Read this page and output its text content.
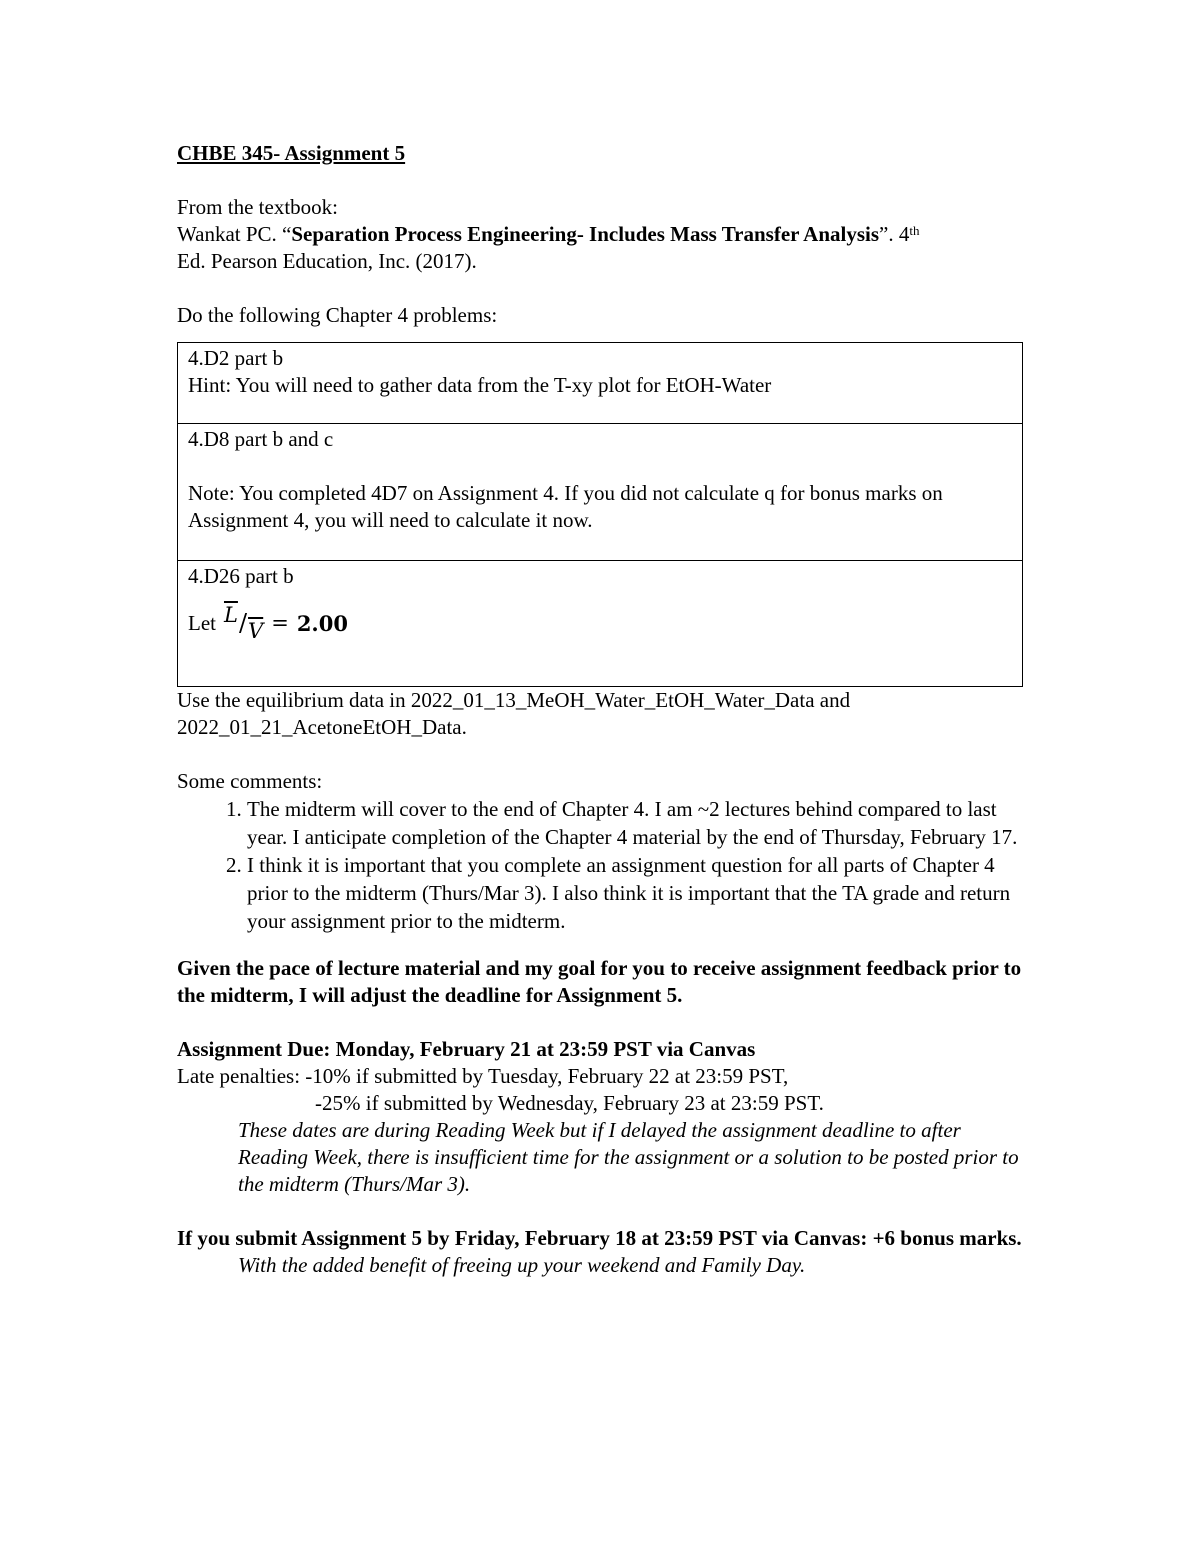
CHBE 345- Assignment 5

From the textbook:

Wankat PC. “Separation Process Engineering- Includes Mass Transfer Analysis”. 4th

Ed. Pearson Education, Inc. (2017).

Do the following Chapter 4 problems:

4.D2 part b
Hint: You will need to gather data from the T-xy plot for EtOH-Water

4.D8 part b and c
Note: You completed 4D7 on Assignment 4. If you did not calculate q for bonus marks on Assignment 4, you will need to calculate it now.

4.D26 part b
Let $\overline{L} / \overline{V} = 2.00$

Use the equilibrium data in 2022_01_13_MeOH_Water_EtOH_Water_Data and 2022_01_21_AcetoneEtOH_Data.

Some comments:

1. The midterm will cover to the end of Chapter 4. I am ~2 lectures behind compared to last year. I anticipate completion of the Chapter 4 material by the end of Thursday, February 17.
2. I think it is important that you complete an assignment question for all parts of Chapter 4 prior to the midterm (Thurs/Mar 3). I also think it is important that the TA grade and return your assignment prior to the midterm.

Given the pace of lecture material and my goal for you to receive assignment feedback prior to the midterm, I will adjust the deadline for Assignment 5.

Assignment Due: Monday, February 21 at 23:59 PST via Canvas

Late penalties: -10% if submitted by Tuesday, February 22 at 23:59 PST,

-25% if submitted by Wednesday, February 23 at 23:59 PST.

These dates are during Reading Week but if I delayed the assignment deadline to after Reading Week, there is insufficient time for the assignment or a solution to be posted prior to the midterm (Thurs/Mar 3).

If you submit Assignment 5 by Friday, February 18 at 23:59 PST via Canvas: +6 bonus marks.

With the added benefit of freeing up your weekend and Family Day.
